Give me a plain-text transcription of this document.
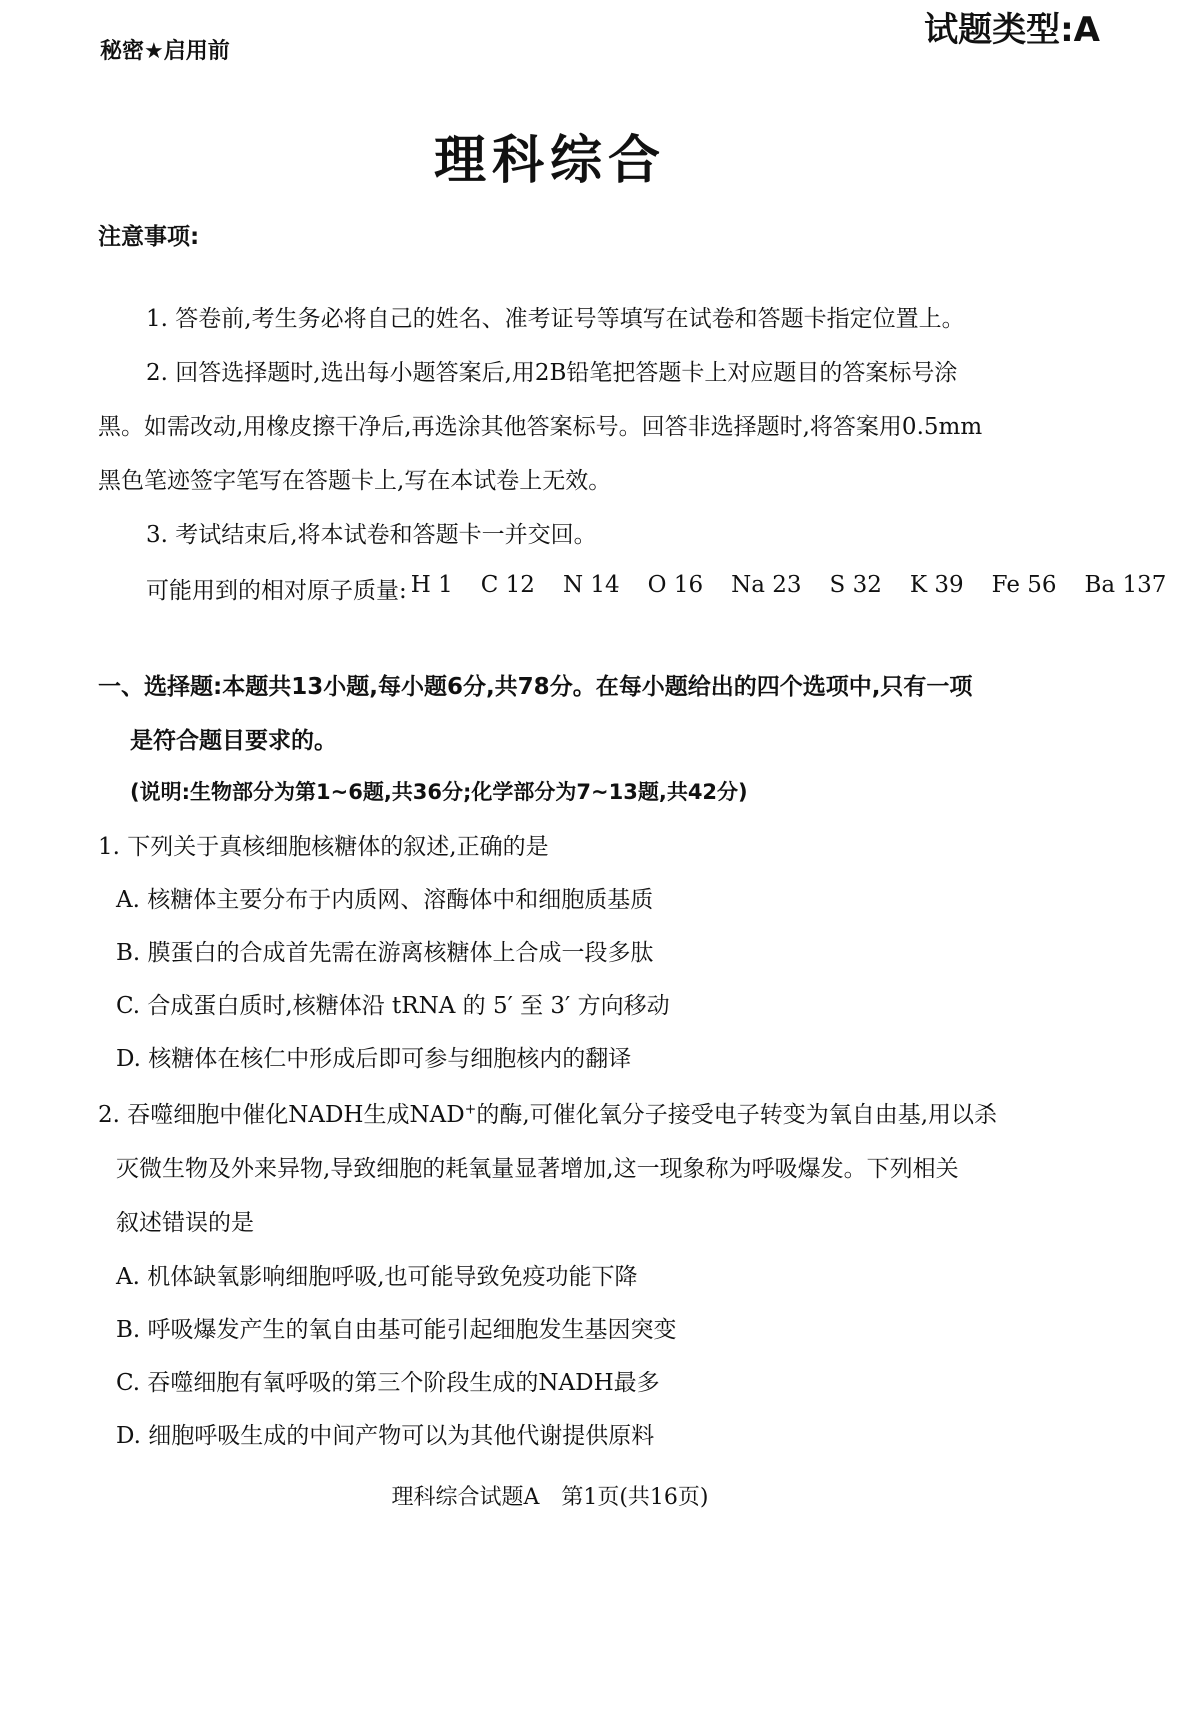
秘密★启用前
试题类型:A
理科综合
注意事项:
1. 答卷前,考生务必将自己的姓名、准考证号等填写在试卷和答题卡指定位置上。
2. 回答选择题时,选出每小题答案后,用2B铅笔把答题卡上对应题目的答案标号涂
黑。如需改动,用橡皮擦干净后,再选涂其他答案标号。回答非选择题时,将答案用0.5mm
黑色笔迹签字笔写在答题卡上,写在本试卷上无效。
3. 考试结束后,将本试卷和答题卡一并交回。
可能用到的相对原子质量: H 1 C 12 N 14 O 16 Na 23 S 32 K 39 Fe 56 Ba 137
一、选择题:本题共13小题,每小题6分,共78分。在每小题给出的四个选项中,只有一项
是符合题目要求的。
(说明:生物部分为第1~6题,共36分;化学部分为7~13题,共42分)
1. 下列关于真核细胞核糖体的叙述,正确的是
A. 核糖体主要分布于内质网、溶酶体中和细胞质基质
B. 膜蛋白的合成首先需在游离核糖体上合成一段多肽
C. 合成蛋白质时,核糖体沿 tRNA 的 5′ 至 3′ 方向移动
D. 核糖体在核仁中形成后即可参与细胞核内的翻译
2. 吞噬细胞中催化NADH生成NAD+的酶,可催化氧分子接受电子转变为氧自由基,用以杀
灭微生物及外来异物,导致细胞的耗氧量显著增加,这一现象称为呼吸爆发。下列相关
叙述错误的是
A. 机体缺氧影响细胞呼吸,也可能导致免疫功能下降
B. 呼吸爆发产生的氧自由基可能引起细胞发生基因突变
C. 吞噬细胞有氧呼吸的第三个阶段生成的NADH最多
D. 细胞呼吸生成的中间产物可以为其他代谢提供原料
理科综合试题A　第1页(共16页)
